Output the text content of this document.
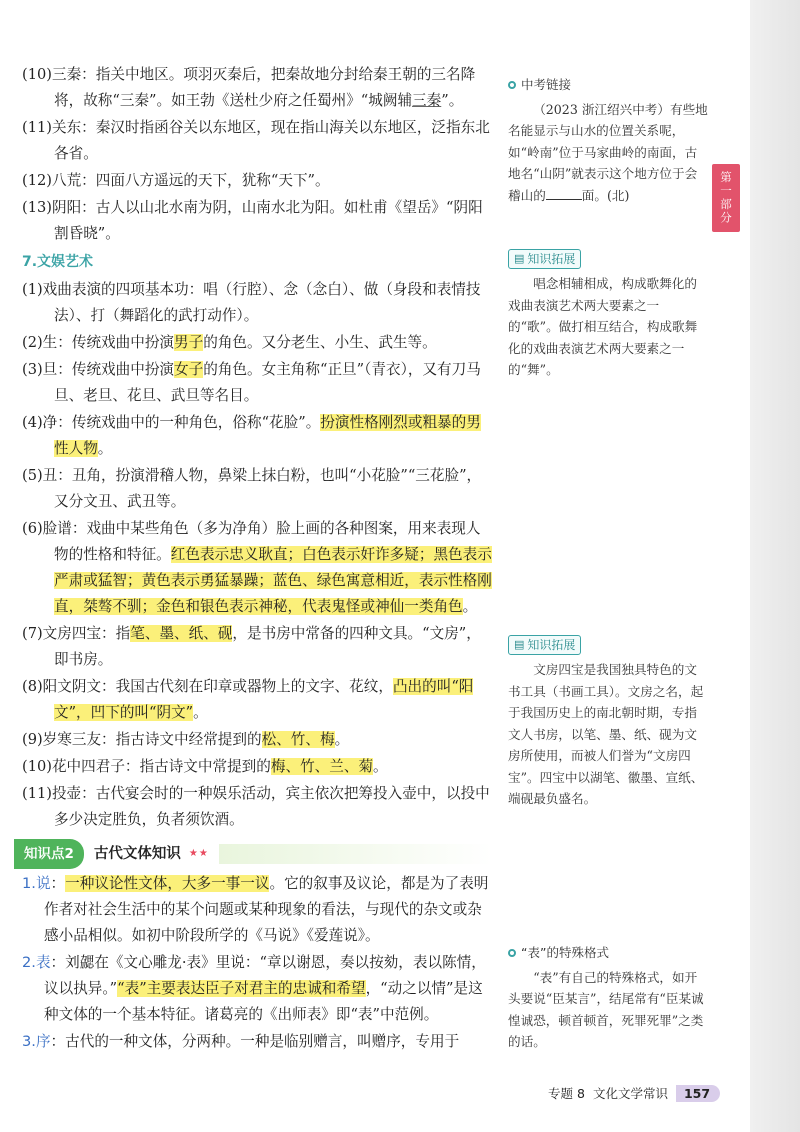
(10)三秦：指关中地区。项羽灭秦后，把秦故地分封给秦王朝的三名降将，故称“三秦”。如王勃《送杜少府之任蜀州》“城阙辅三秦”。
(11)关东：秦汉时指函谷关以东地区，现在指山海关以东地区，泛指东北各省。
(12)八荒：四面八方遥远的天下，犹称“天下”。
(13)阴阳：古人以山北水南为阴，山南水北为阳。如杜甫《望岳》“阴阳割昏晓”。
7.文娱艺术
(1)戏曲表演的四项基本功：唱（行腔）、念（念白）、做（身段和表情技法）、打（舞蹈化的武打动作）。
(2)生：传统戏曲中扮演男子的角色。又分老生、小生、武生等。
(3)旦：传统戏曲中扮演女子的角色。女主角称“正旦”（青衣），又有刀马旦、老旦、花旦、武旦等名目。
(4)净：传统戏曲中的一种角色，俗称“花脸”。扮演性格刚烈或粗暴的男性人物。
(5)丑：丑角，扮演滑稽人物，鼻梁上抹白粉，也叫“小花脸”“三花脸”，又分文丑、武丑等。
(6)脸谱：戏曲中某些角色（多为净角）脸上画的各种图案，用来表现人物的性格和特征。红色表示忠义耿直；白色表示奸诈多疑；黑色表示严肃或猛智；黄色表示勇猛暴躁；蓝色、绿色寓意相近，表示性格刚直，桀骜不驯；金色和银色表示神秘，代表鬼怪或神仙一类角色。
(7)文房四宝：指笔、墨、纸、砚，是书房中常备的四种文具。“文房”，即书房。
(8)阳文阴文：我国古代刻在印章或器物上的文字、花纹，凸出的叫“阳文”，凹下的叫“阴文”。
(9)岁寒三友：指古诗文中经常提到的松、竹、梅。
(10)花中四君子：指古诗文中常提到的梅、竹、兰、菊。
(11)投壶：古代宴会时的一种娱乐活动，宾主依次把筹投入壶中，以投中多少决定胜负，负者须饮酒。
知识点2	古代文体知识 ★★
1.说：一种议论性文体，大多一事一议。它的叙事及议论，都是为了表明作者对社会生活中的某个问题或某种现象的看法，与现代的杂文或杂感小品相似。如初中阶段所学的《马说》《爱莲说》。
2.表：刘勰在《文心雕龙·表》里说：“章以谢恩，奏以按劾，表以陈情，议以执异。”“表”主要表达臣子对君主的忠诚和希望，“动之以情”是这种文体的一个基本特征。诸葛亮的《出师表》即“表”中范例。
3.序：古代的一种文体，分两种。一种是临别赠言，叫赠序，专用于
中考链接

（2023 浙江绍兴中考）有些地名能显示与山水的位置关系呢，如“岭南”位于马家曲岭的南面，古地名“山阴”就表示这个地方位于会稽山的	面。(北)

▤ 知识拓展

唱念相辅相成，构成歌舞化的戏曲表演艺术两大要素之一的“歌”。做打相互结合，构成歌舞化的戏曲表演艺术两大要素之一的“舞”。

▤ 知识拓展

文房四宝是我国独具特色的文书工具（书画工具）。文房之名，起于我国历史上的南北朝时期，专指文人书房，以笔、墨、纸、砚为文房所使用，而被人们誉为“文房四宝”。四宝中以湖笔、徽墨、宣纸、端砚最负盛名。

“表”的特殊格式

“表”有自己的特殊格式，如开头要说“臣某言”，结尾常有“臣某诚惶诚恐，顿首顿首，死罪死罪”之类的话。

第一部分
专题 8 文化文学常识	157
